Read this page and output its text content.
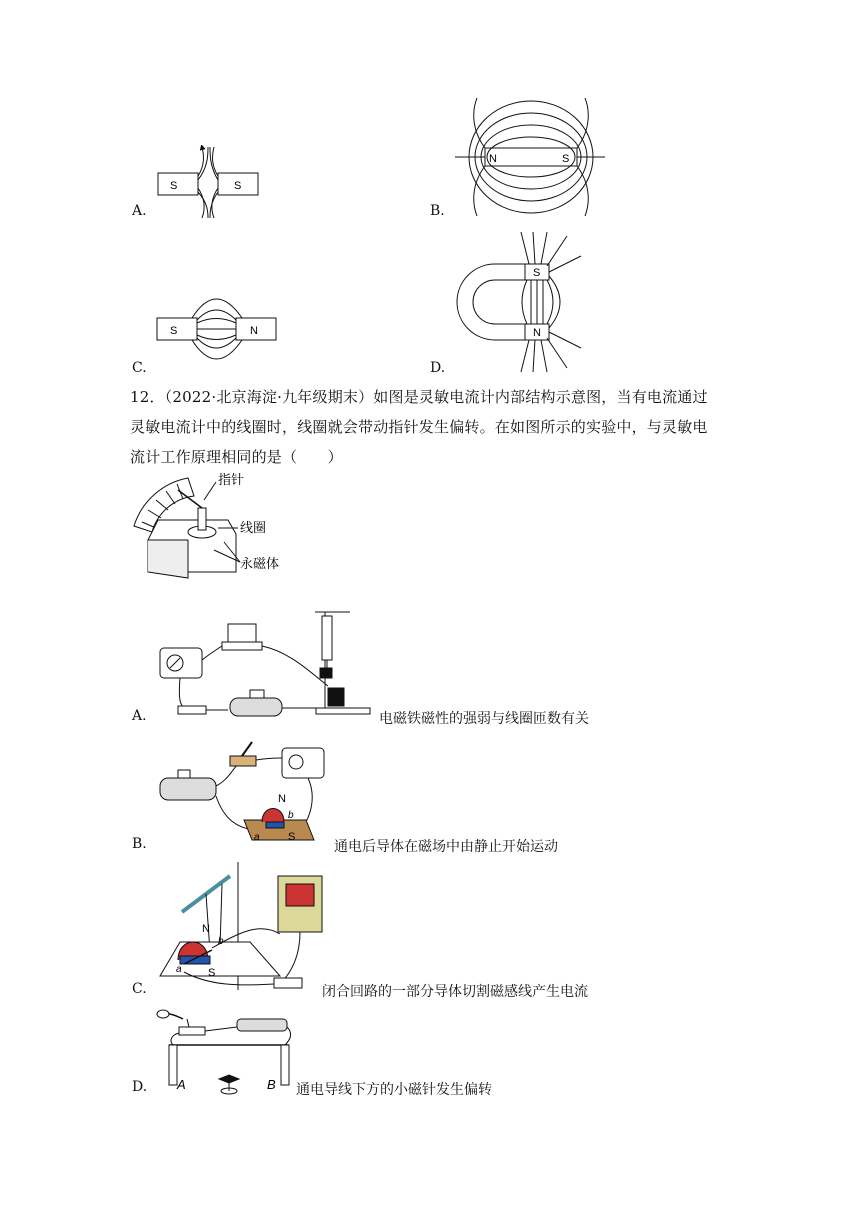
A.
S	S
B.
N	S
C.
S	N
D.
S
N
12．（2022·北京海淀·九年级期末）如图是灵敏电流计内部结构示意图，当有电流通过灵敏电流计中的线圈时，线圈就会带动指针发生偏转。在如图所示的实验中，与灵敏电流计工作原理相同的是（　　）
指针
线圈
永磁体
A.	电磁铁磁性的强弱与线圈匝数有关
B.
N
S
a
b
通电后导体在磁场中由静止开始运动
C.
N
S
a
b
闭合回路的一部分导体切割磁感线产生电流
D. A	B 通电导线下方的小磁针发生偏转
